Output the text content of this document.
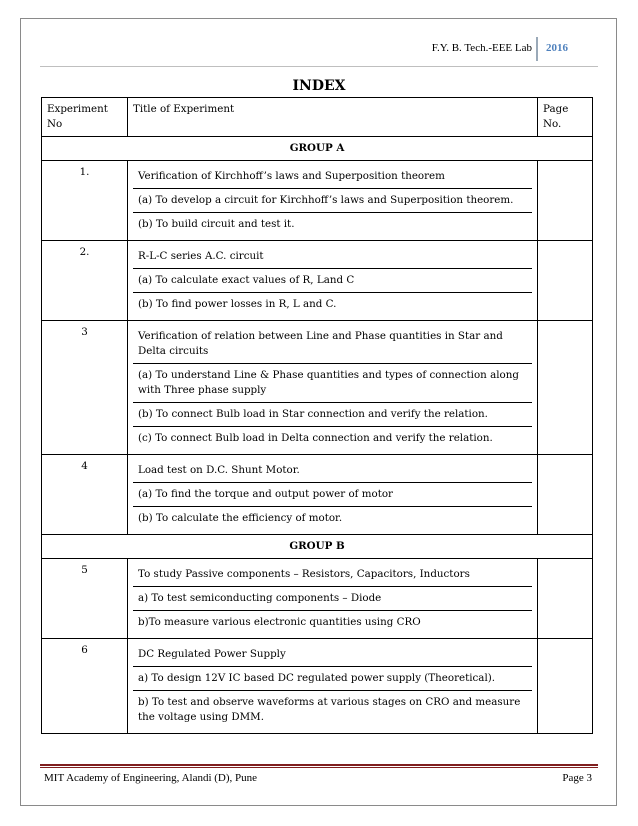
F.Y. B. Tech.-EEE Lab 2016
INDEX
Experiment No	Title of Experiment	Page No.
GROUP A		
1.	Verification of Kirchhoff’s laws and Superposition theorem
(a) To develop a circuit for Kirchhoff’s laws and Superposition theorem.
(b) To build circuit and test it.	

2.	R-L-C series A.C. circuit
(a) To calculate exact values of R, Land C
(b) To find power losses in R, L and C.	

3	Verification of relation between Line and Phase quantities in Star and Delta circuits
(a) To understand Line & Phase quantities and types of connection along with Three phase supply
(b) To connect Bulb load in Star connection and verify the relation.
(c) To connect Bulb load in Delta connection and verify the relation.	

4	Load test on D.C. Shunt Motor.
(a) To find the torque and output power of motor
(b) To calculate the efficiency of motor.	

GROUP B		
5	To study Passive components – Resistors, Capacitors, Inductors
a) To test semiconducting components – Diode
b)To measure various electronic quantities using CRO	

6	DC Regulated Power Supply
a) To design 12V IC based DC regulated power supply (Theoretical).
b) To test and observe waveforms at various stages on CRO and measure the voltage using DMM.	

MIT Academy of Engineering, Alandi (D), Pune	Page 3
